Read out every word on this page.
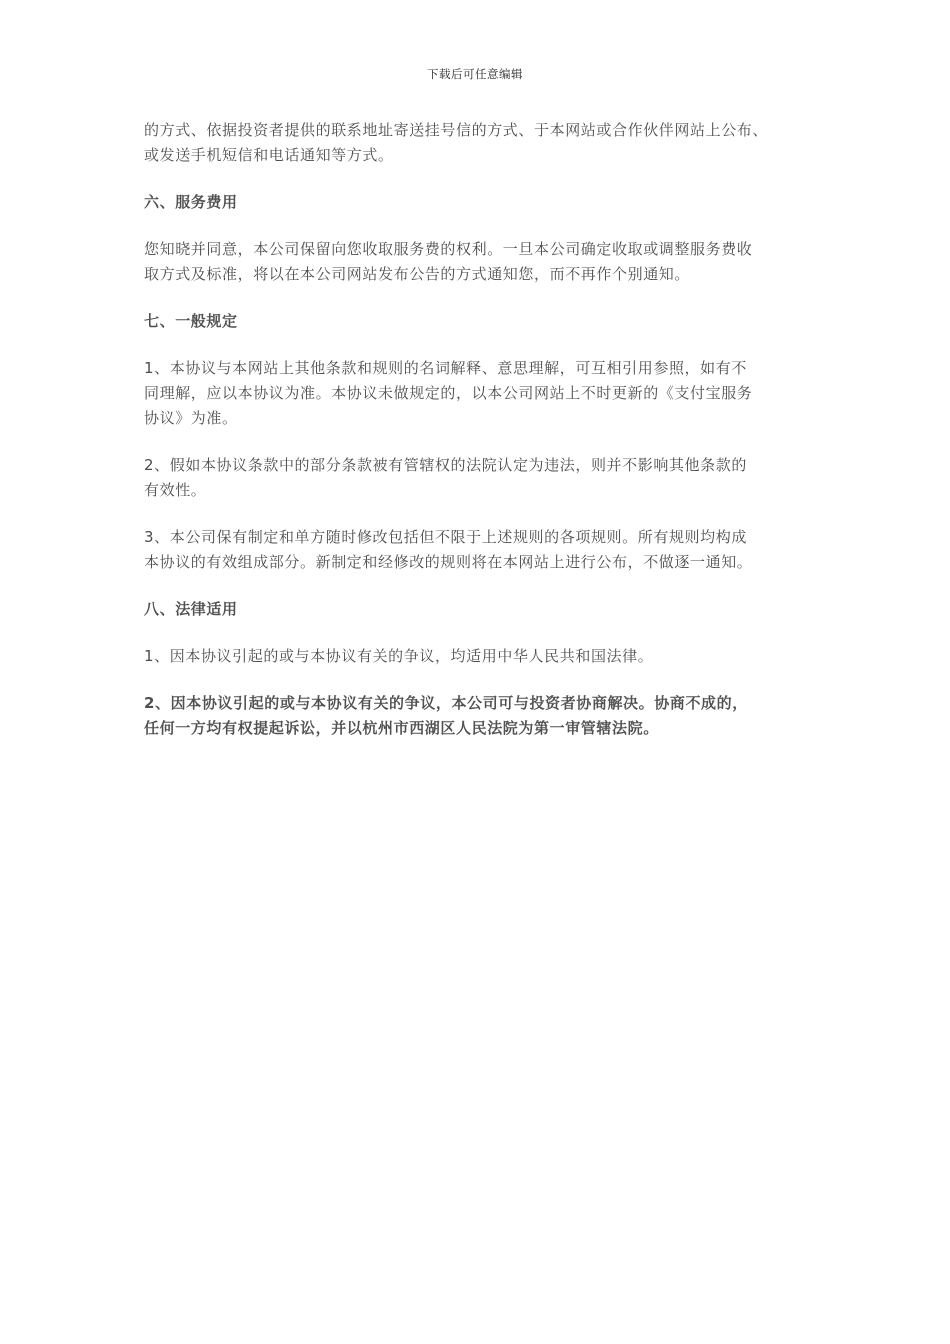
下载后可任意编辑

的方式、依据投资者提供的联系地址寄送挂号信的方式、于本网站或合作伙伴网站上公布、
或发送手机短信和电话通知等方式。

六、服务费用

您知晓并同意，本公司保留向您收取服务费的权利。一旦本公司确定收取或调整服务费收
取方式及标准，将以在本公司网站发布公告的方式通知您，而不再作个别通知。

七、一般规定

1、本协议与本网站上其他条款和规则的名词解释、意思理解，可互相引用参照，如有不
同理解，应以本协议为准。本协议未做规定的，以本公司网站上不时更新的《支付宝服务
协议》为准。

2、假如本协议条款中的部分条款被有管辖权的法院认定为违法，则并不影响其他条款的
有效性。

3、本公司保有制定和单方随时修改包括但不限于上述规则的各项规则。所有规则均构成
本协议的有效组成部分。新制定和经修改的规则将在本网站上进行公布，不做逐一通知。

八、法律适用

1、因本协议引起的或与本协议有关的争议，均适用中华人民共和国法律。

2、因本协议引起的或与本协议有关的争议，本公司可与投资者协商解决。协商不成的，
任何一方均有权提起诉讼，并以杭州市西湖区人民法院为第一审管辖法院。
